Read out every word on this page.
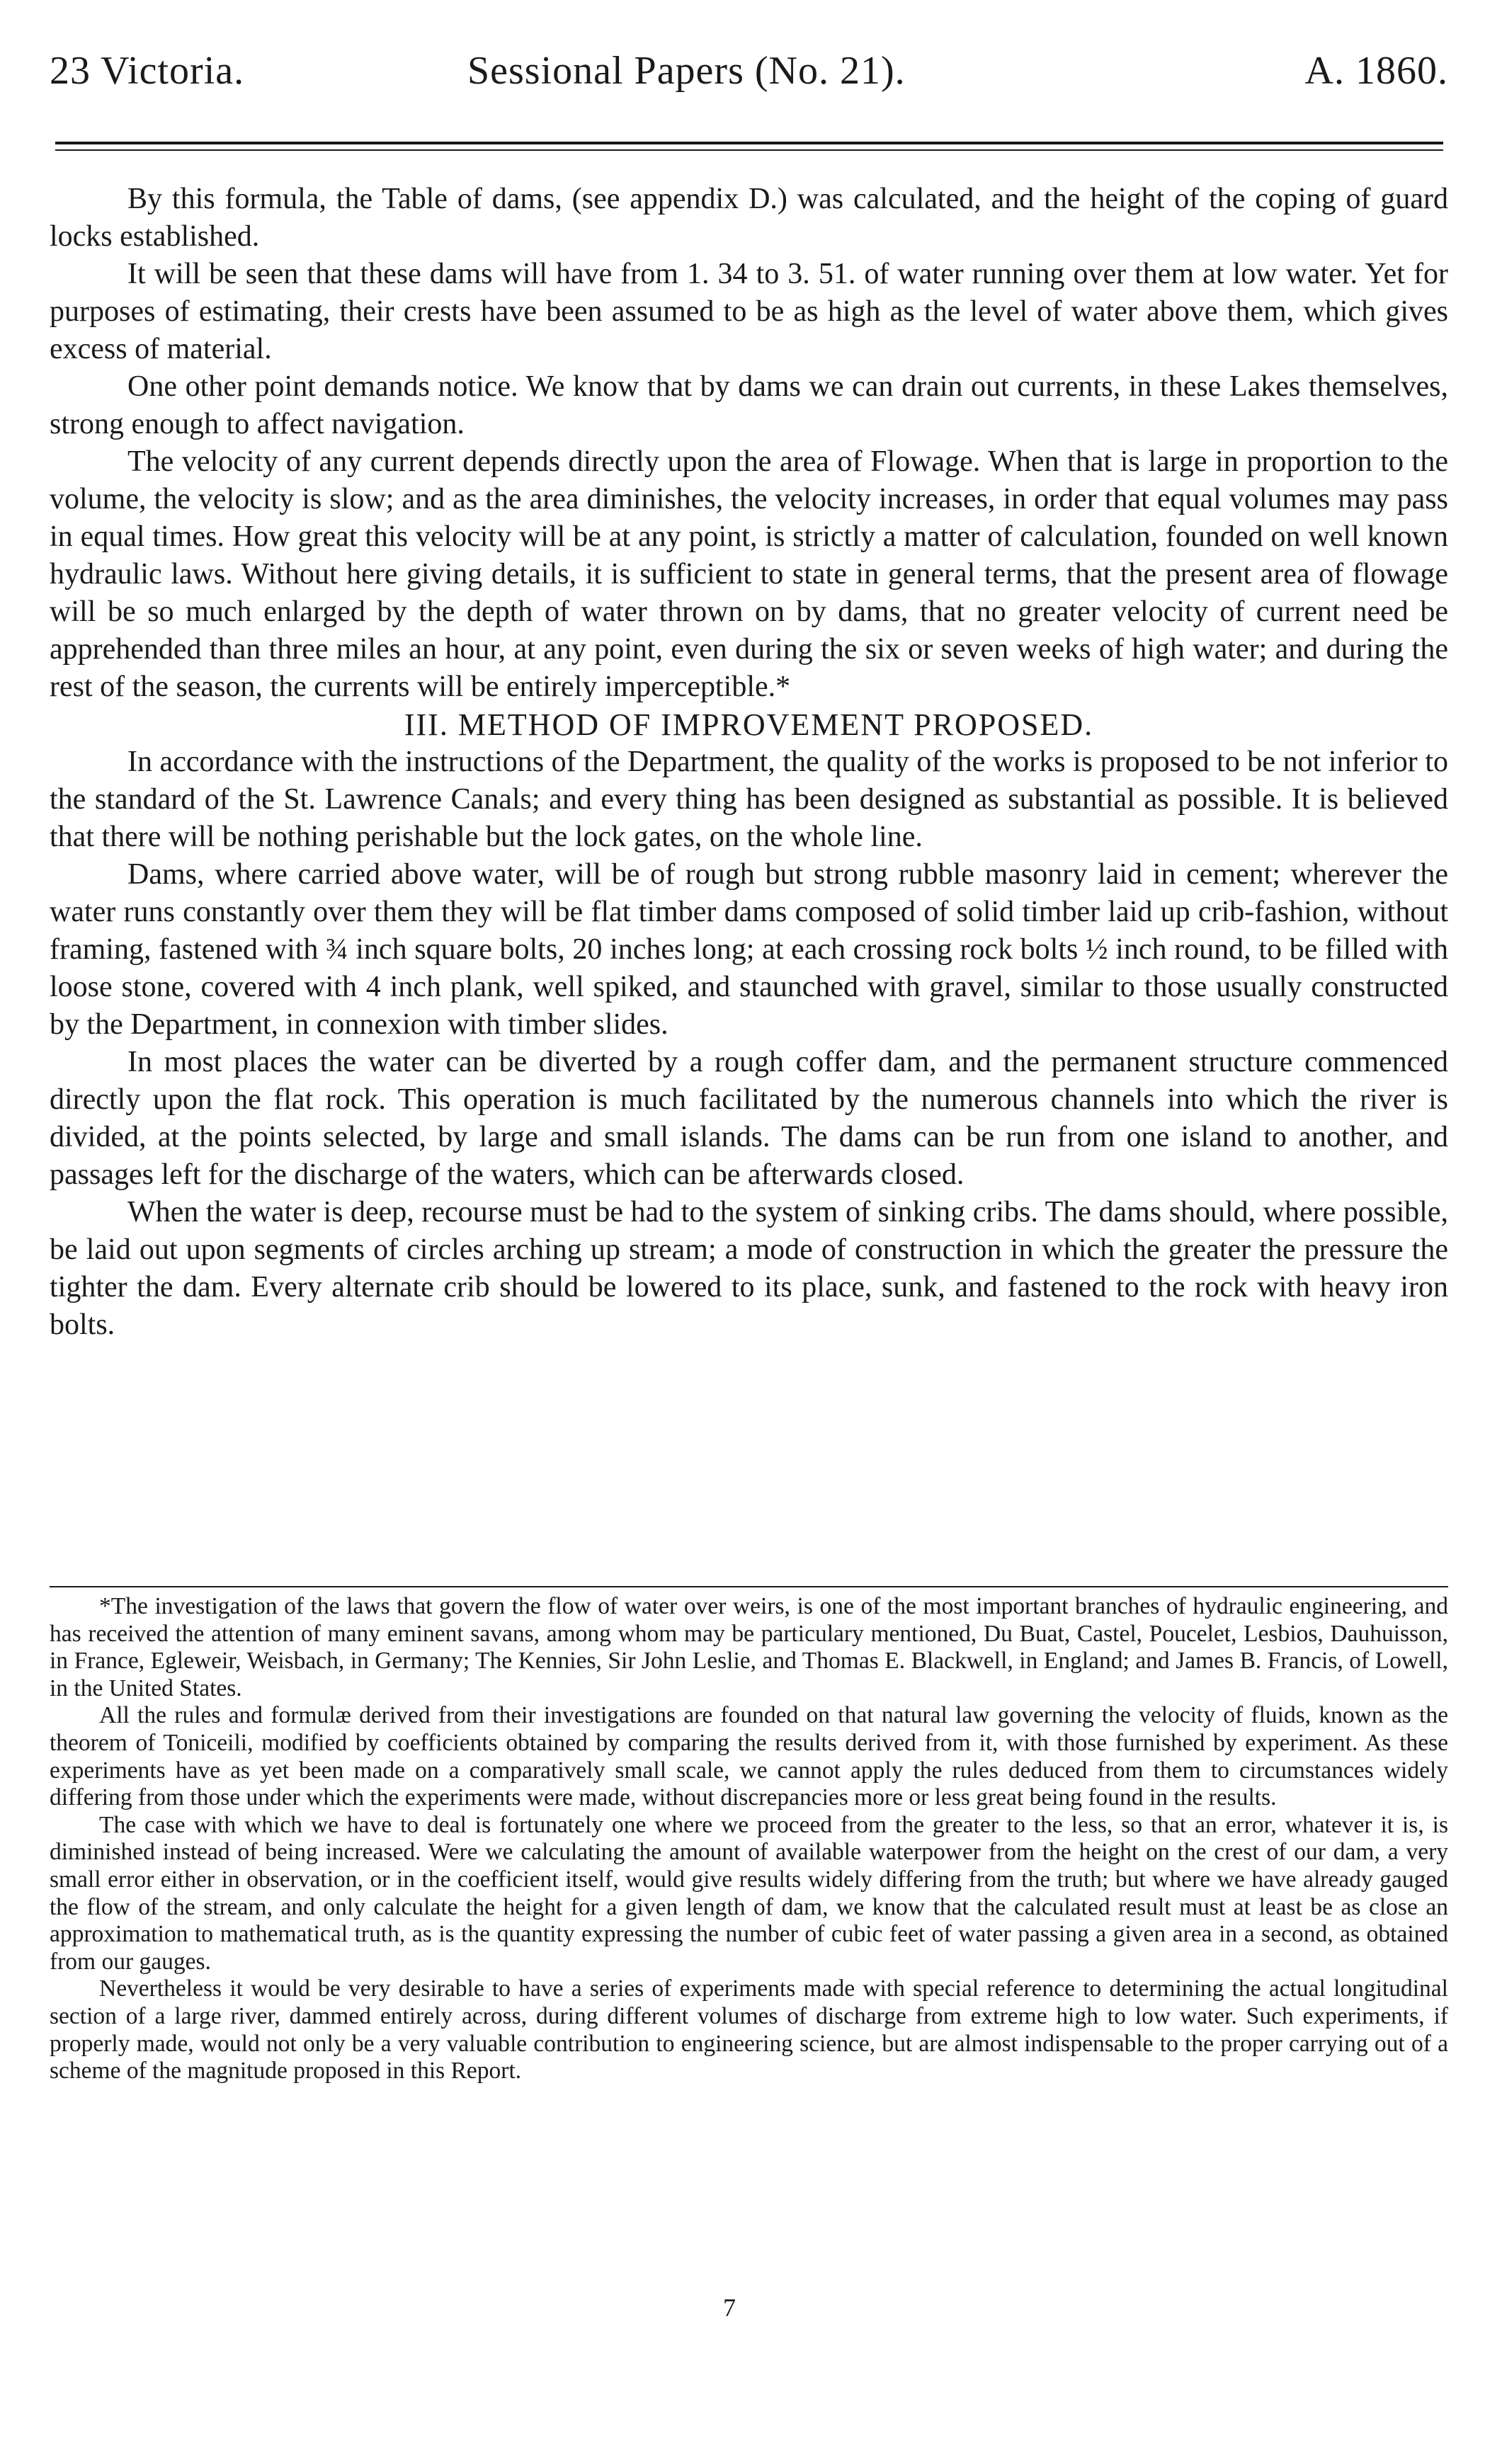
23 Victoria.	Sessional Papers (No. 21).	A. 1860.

By this formula, the Table of dams, (see appendix D.) was calculated, and the height of the coping of guard locks established.

It will be seen that these dams will have from 1. 34 to 3. 51. of water running over them at low water. Yet for purposes of estimating, their crests have been assumed to be as high as the level of water above them, which gives excess of material.

One other point demands notice. We know that by dams we can drain out currents, in these Lakes themselves, strong enough to affect navigation.

The velocity of any current depends directly upon the area of Flowage. When that is large in proportion to the volume, the velocity is slow; and as the area diminishes, the velocity increases, in order that equal volumes may pass in equal times. How great this velocity will be at any point, is strictly a matter of calculation, founded on well known hydraulic laws. Without here giving details, it is sufficient to state in general terms, that the present area of flowage will be so much enlarged by the depth of water thrown on by dams, that no greater velocity of current need be apprehended than three miles an hour, at any point, even during the six or seven weeks of high water; and during the rest of the season, the currents will be entirely imperceptible.*

III. METHOD OF IMPROVEMENT PROPOSED.

In accordance with the instructions of the Department, the quality of the works is proposed to be not inferior to the standard of the St. Lawrence Canals; and every thing has been designed as substantial as possible. It is believed that there will be nothing perishable but the lock gates, on the whole line.

Dams, where carried above water, will be of rough but strong rubble masonry laid in cement; wherever the water runs constantly over them they will be flat timber dams composed of solid timber laid up crib-fashion, without framing, fastened with ¾ inch square bolts, 20 inches long; at each crossing rock bolts ½ inch round, to be filled with loose stone, covered with 4 inch plank, well spiked, and staunched with gravel, similar to those usually constructed by the Department, in connexion with timber slides.

In most places the water can be diverted by a rough coffer dam, and the permanent structure commenced directly upon the flat rock. This operation is much facilitated by the numerous channels into which the river is divided, at the points selected, by large and small islands. The dams can be run from one island to another, and passages left for the discharge of the waters, which can be afterwards closed.

When the water is deep, recourse must be had to the system of sinking cribs. The dams should, where possible, be laid out upon segments of circles arching up stream; a mode of construction in which the greater the pressure the tighter the dam. Every alternate crib should be lowered to its place, sunk, and fastened to the rock with heavy iron bolts.

*The investigation of the laws that govern the flow of water over weirs, is one of the most important branches of hydraulic engineering, and has received the attention of many eminent savans, among whom may be particulary mentioned, Du Buat, Castel, Poucelet, Lesbios, Dauhuisson, in France, Egleweir, Weisbach, in Germany; The Kennies, Sir John Leslie, and Thomas E. Blackwell, in England; and James B. Francis, of Lowell, in the United States.

All the rules and formulæ derived from their investigations are founded on that natural law governing the velocity of fluids, known as the theorem of Toniceili, modified by coefficients obtained by comparing the results derived from it, with those furnished by experiment. As these experiments have as yet been made on a comparatively small scale, we cannot apply the rules deduced from them to circumstances widely differing from those under which the experiments were made, without discrepancies more or less great being found in the results.

The case with which we have to deal is fortunately one where we proceed from the greater to the less, so that an error, whatever it is, is diminished instead of being increased. Were we calculating the amount of available waterpower from the height on the crest of our dam, a very small error either in observation, or in the coefficient itself, would give results widely differing from the truth; but where we have already gauged the flow of the stream, and only calculate the height for a given length of dam, we know that the calculated result must at least be as close an approximation to mathematical truth, as is the quantity expressing the number of cubic feet of water passing a given area in a second, as obtained from our gauges.

Nevertheless it would be very desirable to have a series of experiments made with special reference to determining the actual longitudinal section of a large river, dammed entirely across, during different volumes of discharge from extreme high to low water. Such experiments, if properly made, would not only be a very valuable contribution to engineering science, but are almost indispensable to the proper carrying out of a scheme of the magnitude proposed in this Report.

7
